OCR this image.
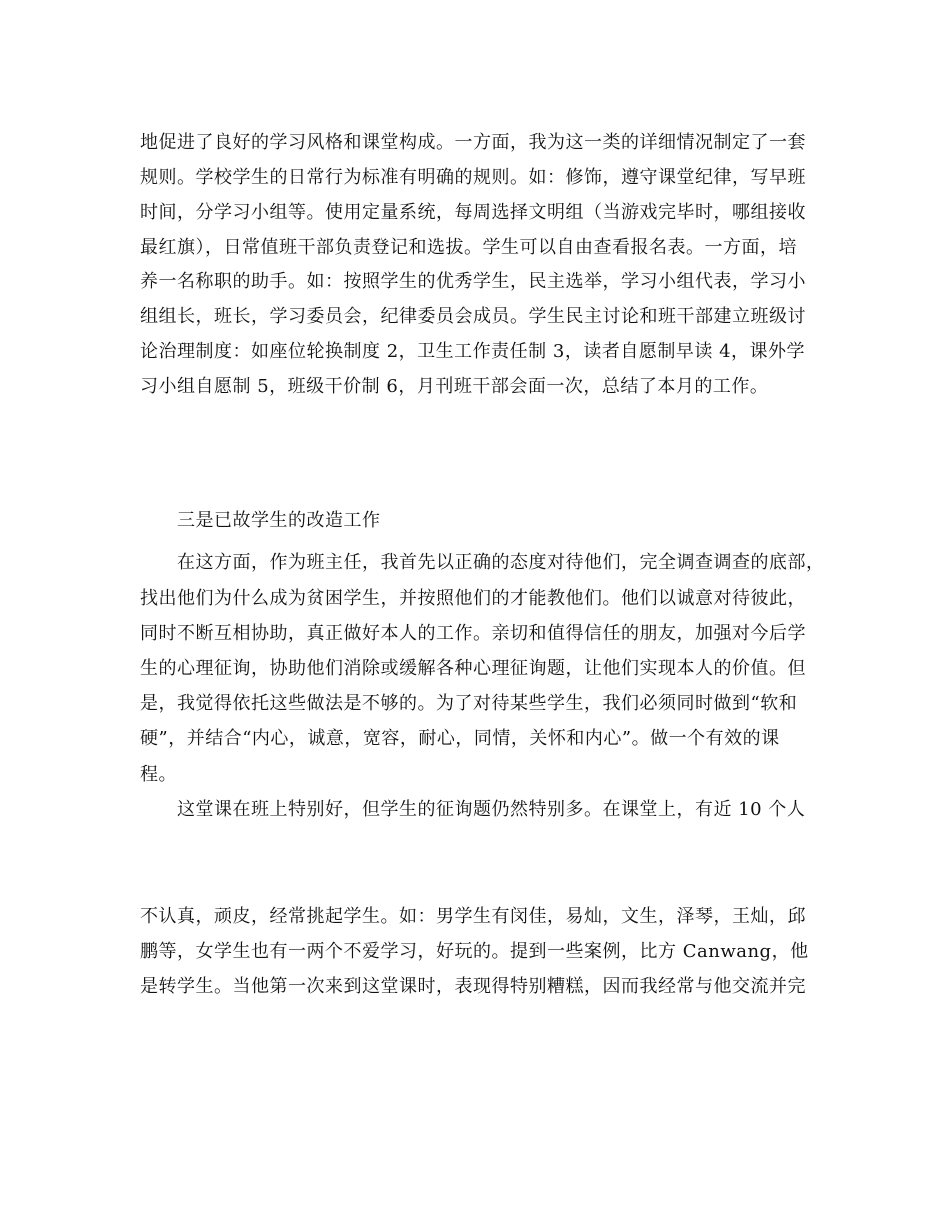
地促进了良好的学习风格和课堂构成。一方面，我为这一类的详细情况制定了一套
规则。学校学生的日常行为标准有明确的规则。如：修饰，遵守课堂纪律，写早班
时间，分学习小组等。使用定量系统，每周选择文明组（当游戏完毕时，哪组接收
最红旗），日常值班干部负责登记和选拔。学生可以自由查看报名表。一方面，培
养一名称职的助手。如：按照学生的优秀学生，民主选举，学习小组代表，学习小
组组长，班长，学习委员会，纪律委员会成员。学生民主讨论和班干部建立班级讨
论治理制度：如座位轮换制度 2，卫生工作责任制 3，读者自愿制早读 4，课外学
习小组自愿制 5，班级干价制 6，月刊班干部会面一次，总结了本月的工作。
三是已故学生的改造工作
在这方面，作为班主任，我首先以正确的态度对待他们，完全调查调查的底部，
找出他们为什么成为贫困学生，并按照他们的才能教他们。他们以诚意对待彼此，
同时不断互相协助，真正做好本人的工作。亲切和值得信任的朋友，加强对今后学
生的心理征询，协助他们消除或缓解各种心理征询题，让他们实现本人的价值。但
是，我觉得依托这些做法是不够的。为了对待某些学生，我们必须同时做到“软和
硬”，并结合“内心，诚意，宽容，耐心，同情，关怀和内心”。做一个有效的课
程。
这堂课在班上特别好，但学生的征询题仍然特别多。在课堂上，有近 10 个人
不认真，顽皮，经常挑起学生。如：男学生有闵佳，易灿，文生，泽琴，王灿，邱
鹏等，女学生也有一两个不爱学习，好玩的。提到一些案例，比方 Canwang，他
是转学生。当他第一次来到这堂课时，表现得特别糟糕，因而我经常与他交流并完
